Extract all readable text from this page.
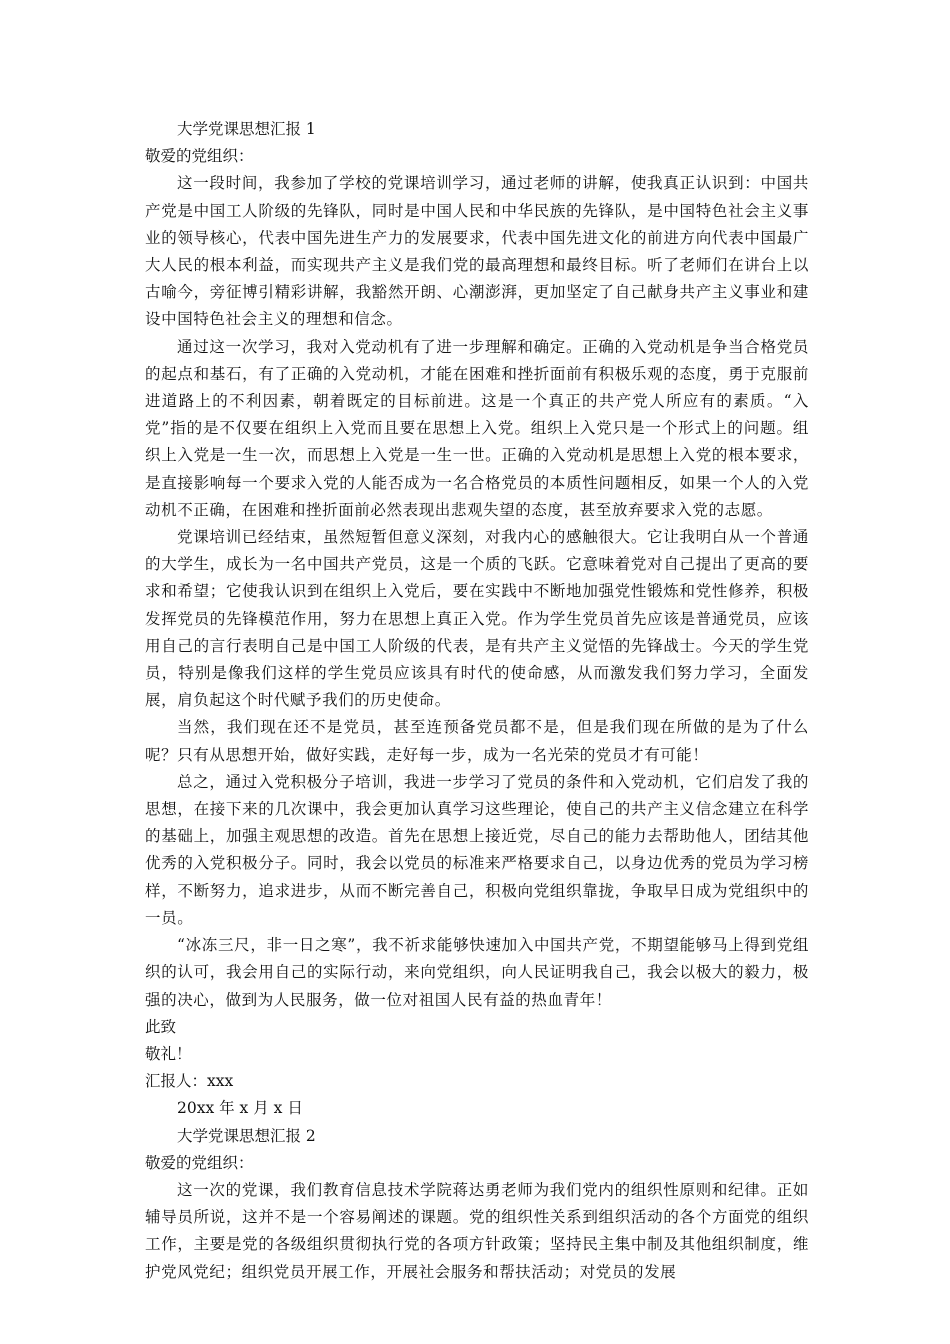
大学党课思想汇报 1

敬爱的党组织：

这一段时间，我参加了学校的党课培训学习，通过老师的讲解，使我真正认识到：中国共产党是中国工人阶级的先锋队，同时是中国人民和中华民族的先锋队，是中国特色社会主义事业的领导核心，代表中国先进生产力的发展要求，代表中国先进文化的前进方向代表中国最广大人民的根本利益，而实现共产主义是我们党的最高理想和最终目标。听了老师们在讲台上以古喻今，旁征博引精彩讲解，我豁然开朗、心潮澎湃，更加坚定了自己献身共产主义事业和建设中国特色社会主义的理想和信念。

通过这一次学习，我对入党动机有了进一步理解和确定。正确的入党动机是争当合格党员的起点和基石，有了正确的入党动机，才能在困难和挫折面前有积极乐观的态度，勇于克服前进道路上的不利因素，朝着既定的目标前进。这是一个真正的共产党人所应有的素质。“入党”指的是不仅要在组织上入党而且要在思想上入党。组织上入党只是一个形式上的问题。组织上入党是一生一次，而思想上入党是一生一世。正确的入党动机是思想上入党的根本要求，是直接影响每一个要求入党的人能否成为一名合格党员的本质性问题相反，如果一个人的入党动机不正确，在困难和挫折面前必然表现出悲观失望的态度，甚至放弃要求入党的志愿。

党课培训已经结束，虽然短暂但意义深刻，对我内心的感触很大。它让我明白从一个普通的大学生，成长为一名中国共产党员，这是一个质的飞跃。它意味着党对自己提出了更高的要求和希望；它使我认识到在组织上入党后，要在实践中不断地加强党性锻炼和党性修养，积极发挥党员的先锋模范作用，努力在思想上真正入党。作为学生党员首先应该是普通党员，应该用自己的言行表明自己是中国工人阶级的代表，是有共产主义觉悟的先锋战士。今天的学生党员，特别是像我们这样的学生党员应该具有时代的使命感，从而激发我们努力学习，全面发展，肩负起这个时代赋予我们的历史使命。

当然，我们现在还不是党员，甚至连预备党员都不是，但是我们现在所做的是为了什么呢？只有从思想开始，做好实践，走好每一步，成为一名光荣的党员才有可能！

总之，通过入党积极分子培训，我进一步学习了党员的条件和入党动机，它们启发了我的思想，在接下来的几次课中，我会更加认真学习这些理论，使自己的共产主义信念建立在科学的基础上，加强主观思想的改造。首先在思想上接近党，尽自己的能力去帮助他人，团结其他优秀的入党积极分子。同时，我会以党员的标准来严格要求自己，以身边优秀的党员为学习榜样，不断努力，追求进步，从而不断完善自己，积极向党组织靠拢，争取早日成为党组织中的一员。

“冰冻三尺，非一日之寒”，我不祈求能够快速加入中国共产党，不期望能够马上得到党组织的认可，我会用自己的实际行动，来向党组织，向人民证明我自己，我会以极大的毅力，极强的决心，做到为人民服务，做一位对祖国人民有益的热血青年！

此致

敬礼！

汇报人：xxx

20xx 年 x 月 x 日

大学党课思想汇报 2

敬爱的党组织：

这一次的党课，我们教育信息技术学院蒋达勇老师为我们党内的组织性原则和纪律。正如辅导员所说，这并不是一个容易阐述的课题。党的组织性关系到组织活动的各个方面党的组织工作，主要是党的各级组织贯彻执行党的各项方针政策；坚持民主集中制及其他组织制度，维护党风党纪；组织党员开展工作，开展社会服务和帮扶活动；对党员的发展
